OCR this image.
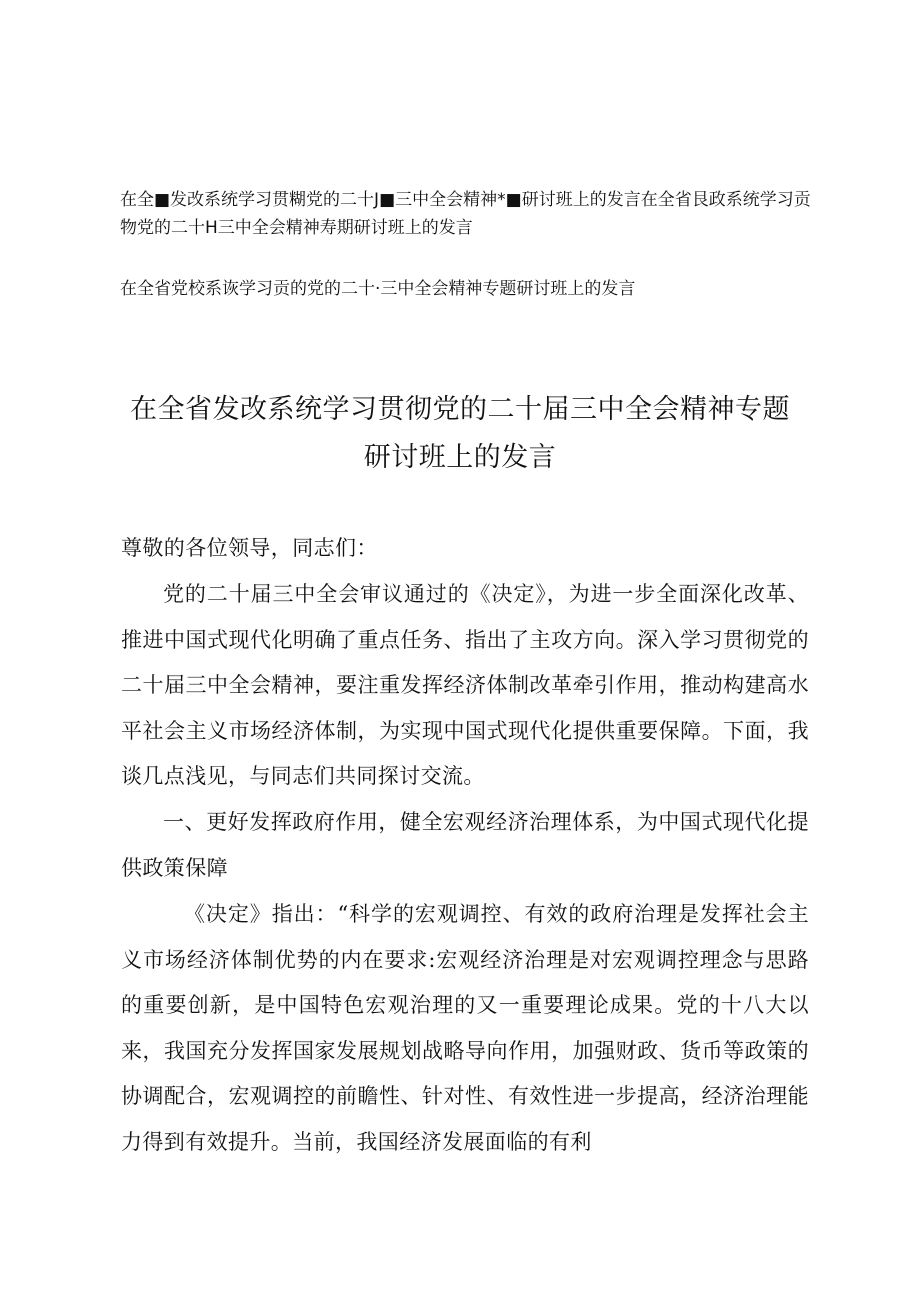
在全■发改系统学习贯糊党的二十J■三中全会精神*■研讨班上的发言在全省艮政系统学习贡物党的二十H三中全会精神寿期研讨班上的发言
在全省党校系诙学习贡的党的二十·三中全会精神专题研讨班上的发言
在全省发改系统学习贯彻党的二十届三中全会精神专题
研讨班上的发言
尊敬的各位领导，同志们：
党的二十届三中全会审议通过的《决定》，为进一步全面深化改革、推进中国式现代化明确了重点任务、指出了主攻方向。深入学习贯彻党的二十届三中全会精神，要注重发挥经济体制改革牵引作用，推动构建高水平社会主义市场经济体制，为实现中国式现代化提供重要保障。下面，我谈几点浅见，与同志们共同探讨交流。
一、更好发挥政府作用，健全宏观经济治理体系，为中国式现代化提供政策保障
《决定》指出：“科学的宏观调控、有效的政府治理是发挥社会主义市场经济体制优势的内在要求:宏观经济治理是对宏观调控理念与思路的重要创新，是中国特色宏观治理的又一重要理论成果。党的十八大以来，我国充分发挥国家发展规划战略导向作用，加强财政、货币等政策的协调配合，宏观调控的前瞻性、针对性、有效性进一步提高，经济治理能力得到有效提升。当前，我国经济发展面临的有利
